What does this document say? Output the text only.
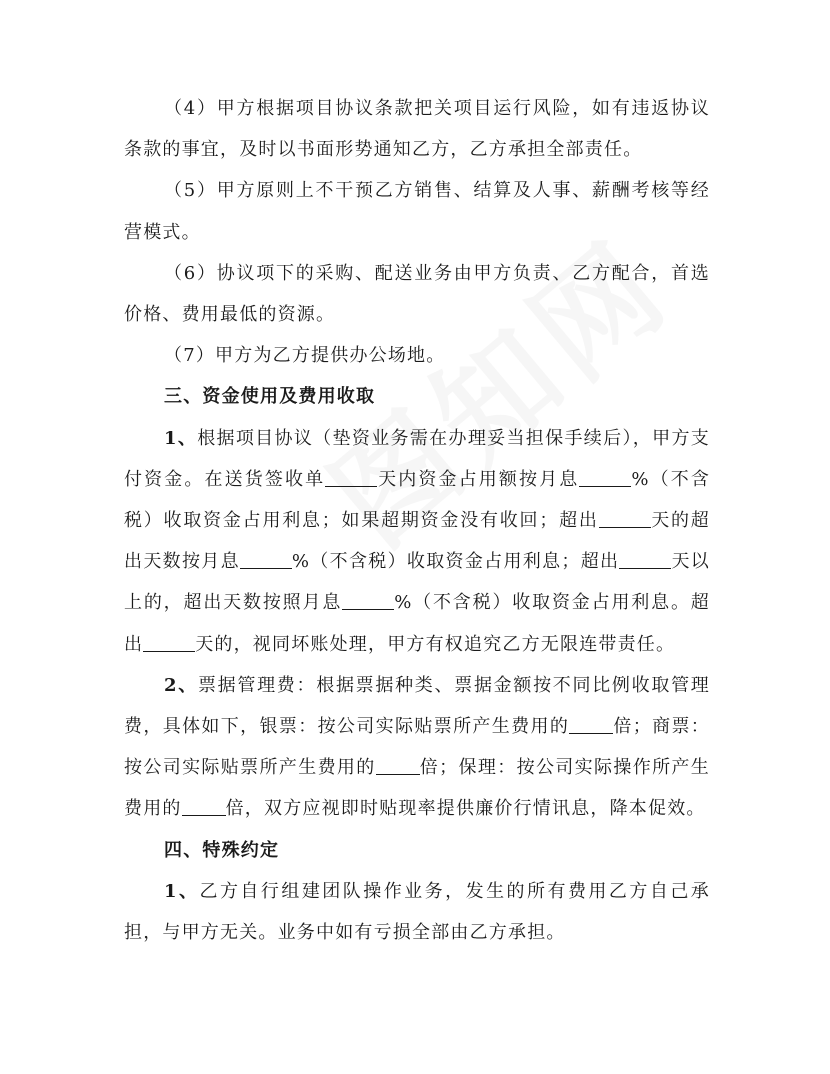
（4）甲方根据项目协议条款把关项目运行风险，如有违返协议条款的事宜，及时以书面形势通知乙方，乙方承担全部责任。

（5）甲方原则上不干预乙方销售、结算及人事、薪酬考核等经营模式。

（6）协议项下的采购、配送业务由甲方负责、乙方配合，首选价格、费用最低的资源。

（7）甲方为乙方提供办公场地。

三、资金使用及费用收取

1、根据项目协议（垫资业务需在办理妥当担保手续后），甲方支付资金。在送货签收单	天内资金占用额按月息	%（不含税）收取资金占用利息；如果超期资金没有收回；超出	天的超出天数按月息	%（不含税）收取资金占用利息；超出	天以上的，超出天数按照月息	%（不含税）收取资金占用利息。超出	天的，视同坏账处理，甲方有权追究乙方无限连带责任。

2、票据管理费：根据票据种类、票据金额按不同比例收取管理费，具体如下，银票：按公司实际贴票所产生费用的 倍；商票：按公司实际贴票所产生费用的 倍；保理：按公司实际操作所产生费用的 倍，双方应视即时贴现率提供廉价行情讯息，降本促效。

四、特殊约定

1、乙方自行组建团队操作业务，发生的所有费用乙方自己承担，与甲方无关。业务中如有亏损全部由乙方承担。
